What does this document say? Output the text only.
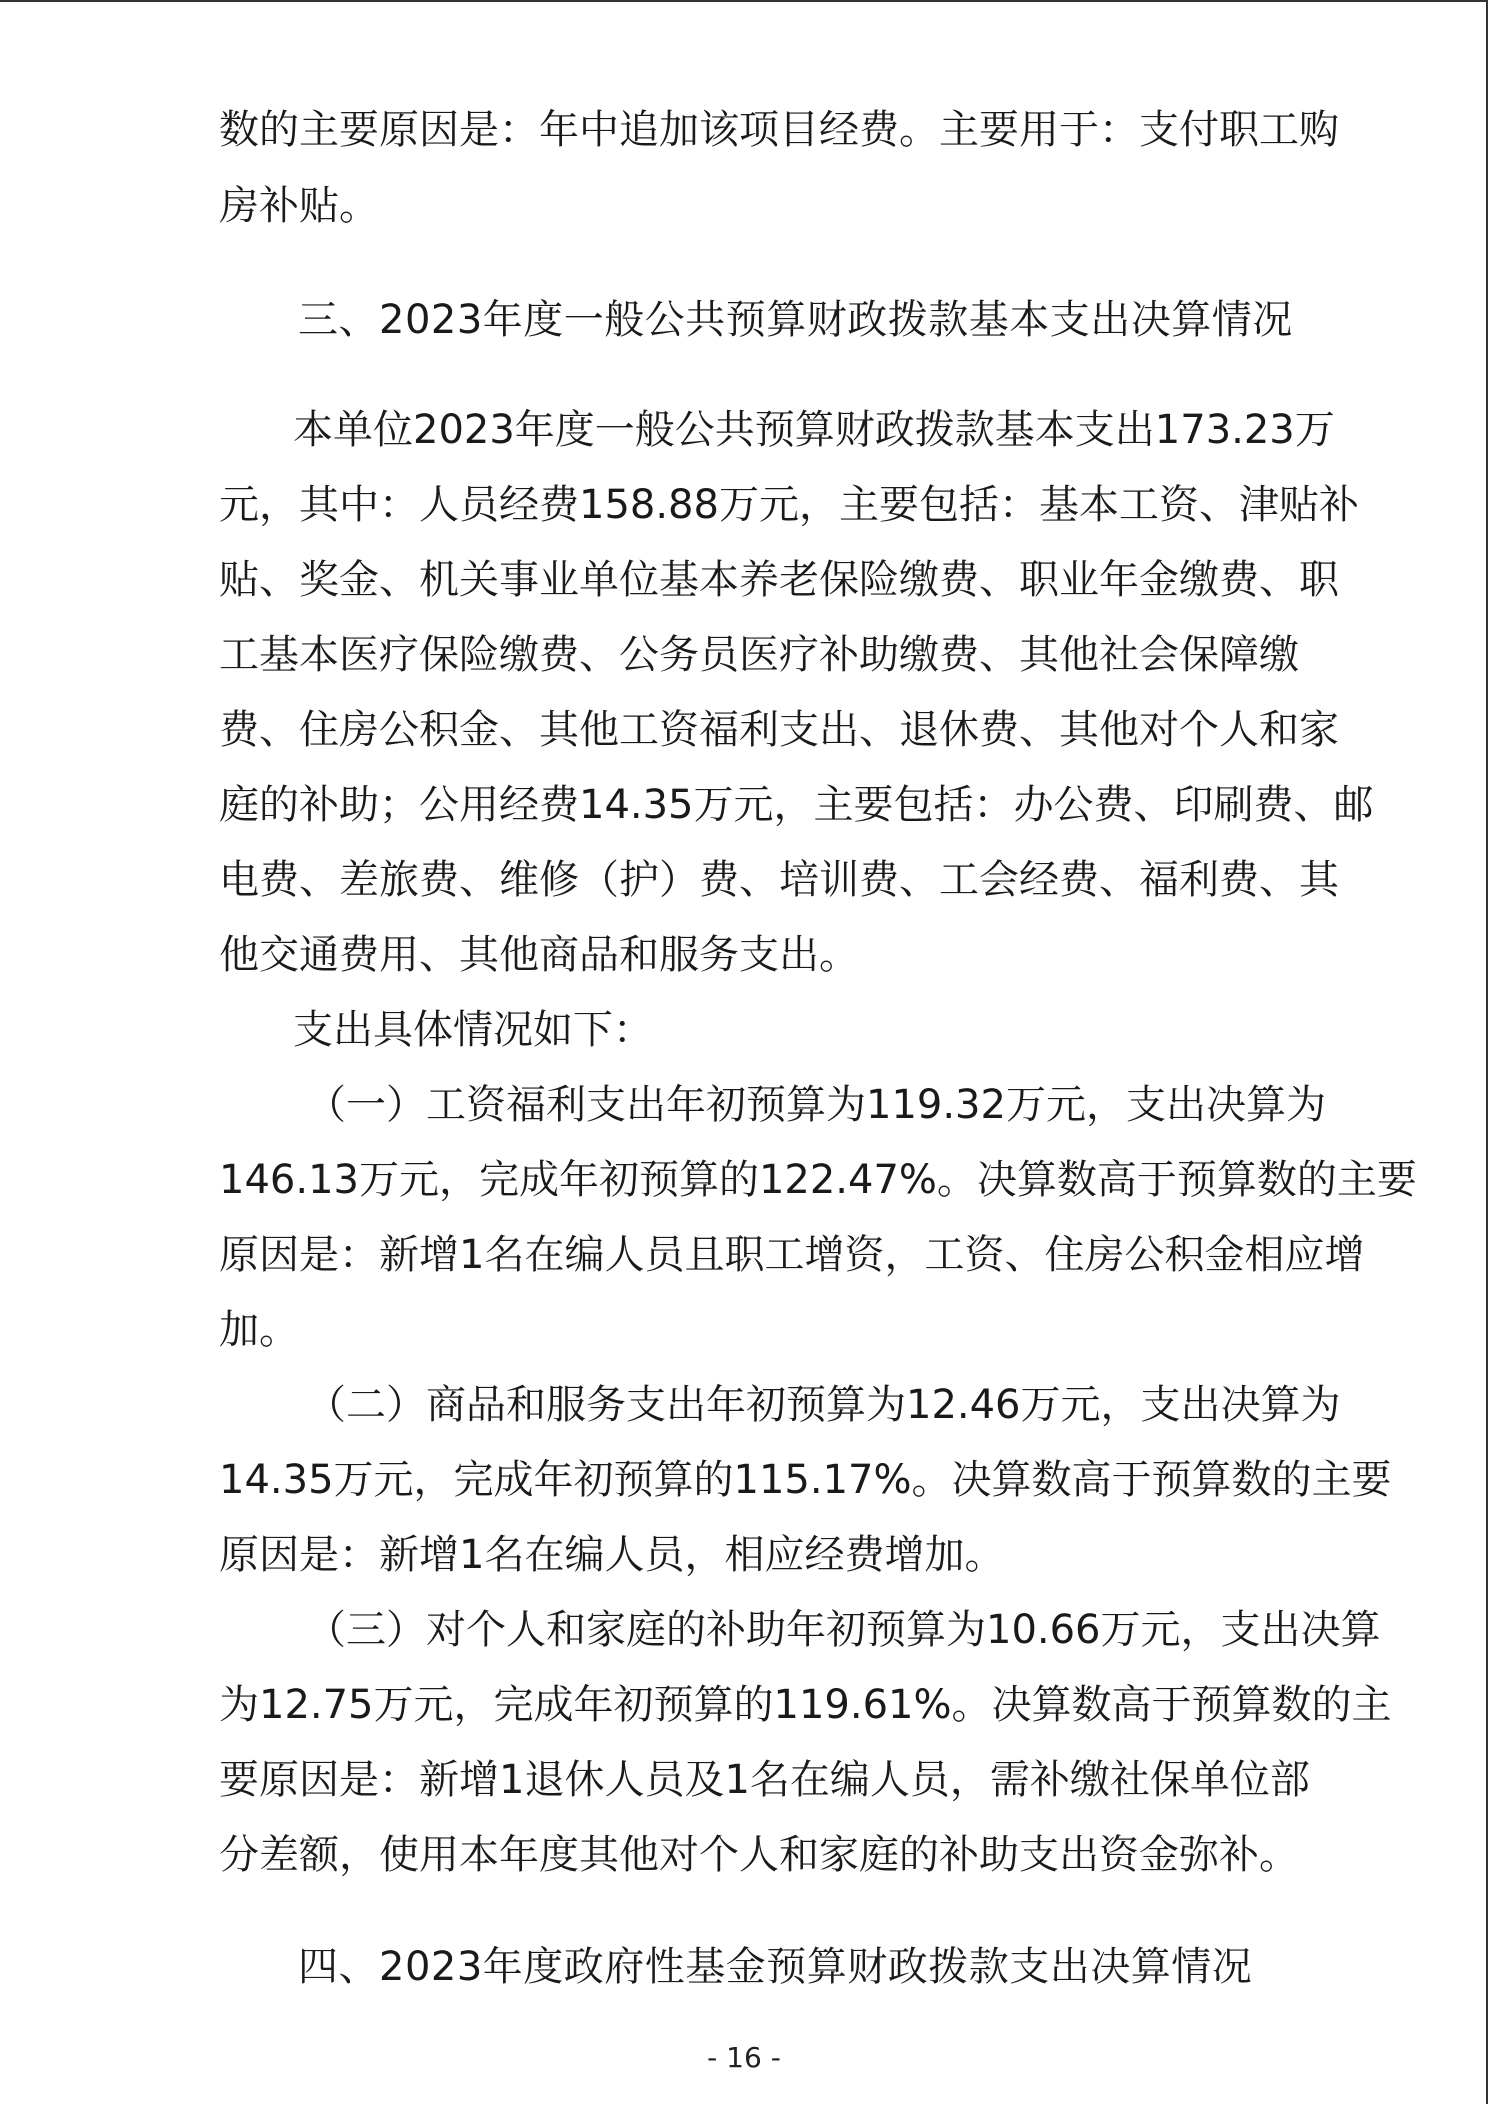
数的主要原因是：年中追加该项目经费。主要用于：支付职工购
房补贴。
三、2023年度一般公共预算财政拨款基本支出决算情况
本单位2023年度一般公共预算财政拨款基本支出173.23万
元，其中：人员经费158.88万元，主要包括：基本工资、津贴补
贴、奖金、机关事业单位基本养老保险缴费、职业年金缴费、职
工基本医疗保险缴费、公务员医疗补助缴费、其他社会保障缴
费、住房公积金、其他工资福利支出、退休费、其他对个人和家
庭的补助；公用经费14.35万元，主要包括：办公费、印刷费、邮
电费、差旅费、维修（护）费、培训费、工会经费、福利费、其
他交通费用、其他商品和服务支出。
支出具体情况如下：
（一）工资福利支出年初预算为119.32万元，支出决算为
146.13万元，完成年初预算的122.47%。决算数高于预算数的主要
原因是：新增1名在编人员且职工增资，工资、住房公积金相应增
加。
（二）商品和服务支出年初预算为12.46万元，支出决算为
14.35万元，完成年初预算的115.17%。决算数高于预算数的主要
原因是：新增1名在编人员，相应经费增加。
（三）对个人和家庭的补助年初预算为10.66万元，支出决算
为12.75万元，完成年初预算的119.61%。决算数高于预算数的主
要原因是：新增1退休人员及1名在编人员，需补缴社保单位部
分差额，使用本年度其他对个人和家庭的补助支出资金弥补。
四、2023年度政府性基金预算财政拨款支出决算情况
- 16 -
